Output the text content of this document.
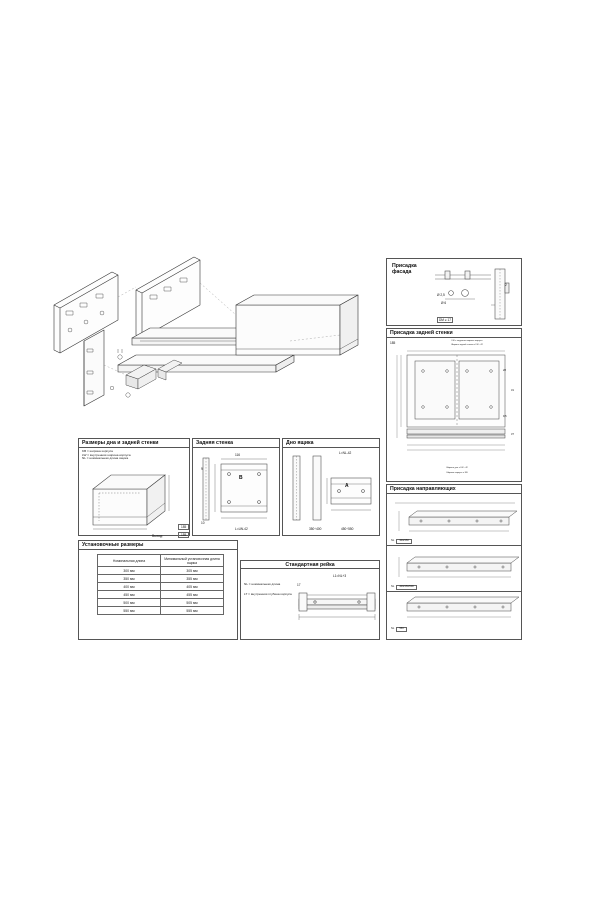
Размеры дна и задней стенки
KB = ширина корпуса
LW = внутренняя ширина корпуса
NL = номинальная длина ящика
Задняя стенка
116
9
10
B
L=LW-42
Выход:
185
155
Дно ящика
L=NL-42
A
350÷400	450÷550
Установочные размеры
Номинальная длина	Минимальный установочная длина ящика
300 мм	305 мм
350 мм	355 мм
400 мм	405 мм
450 мм	455 мм
500 мм	505 мм
550 мм	555 мм
Стандартная рейка
NL = номинальная длина
LT = внутренняя глубина корпуса
L1=NL+3
17
Присадка фасада
Ø 2,5
Ø 6
2
DM ≥ 17
Присадка задней стенки
185	LW = наружная ширина корпуса
Ширина задней стенки = LW - 42
Ширина дна = LW - 42
Ширина корпуса = KB
28
31
9,5
37
Присадка направляющих
NL	300/350
NL	400/450/500
NL	550
